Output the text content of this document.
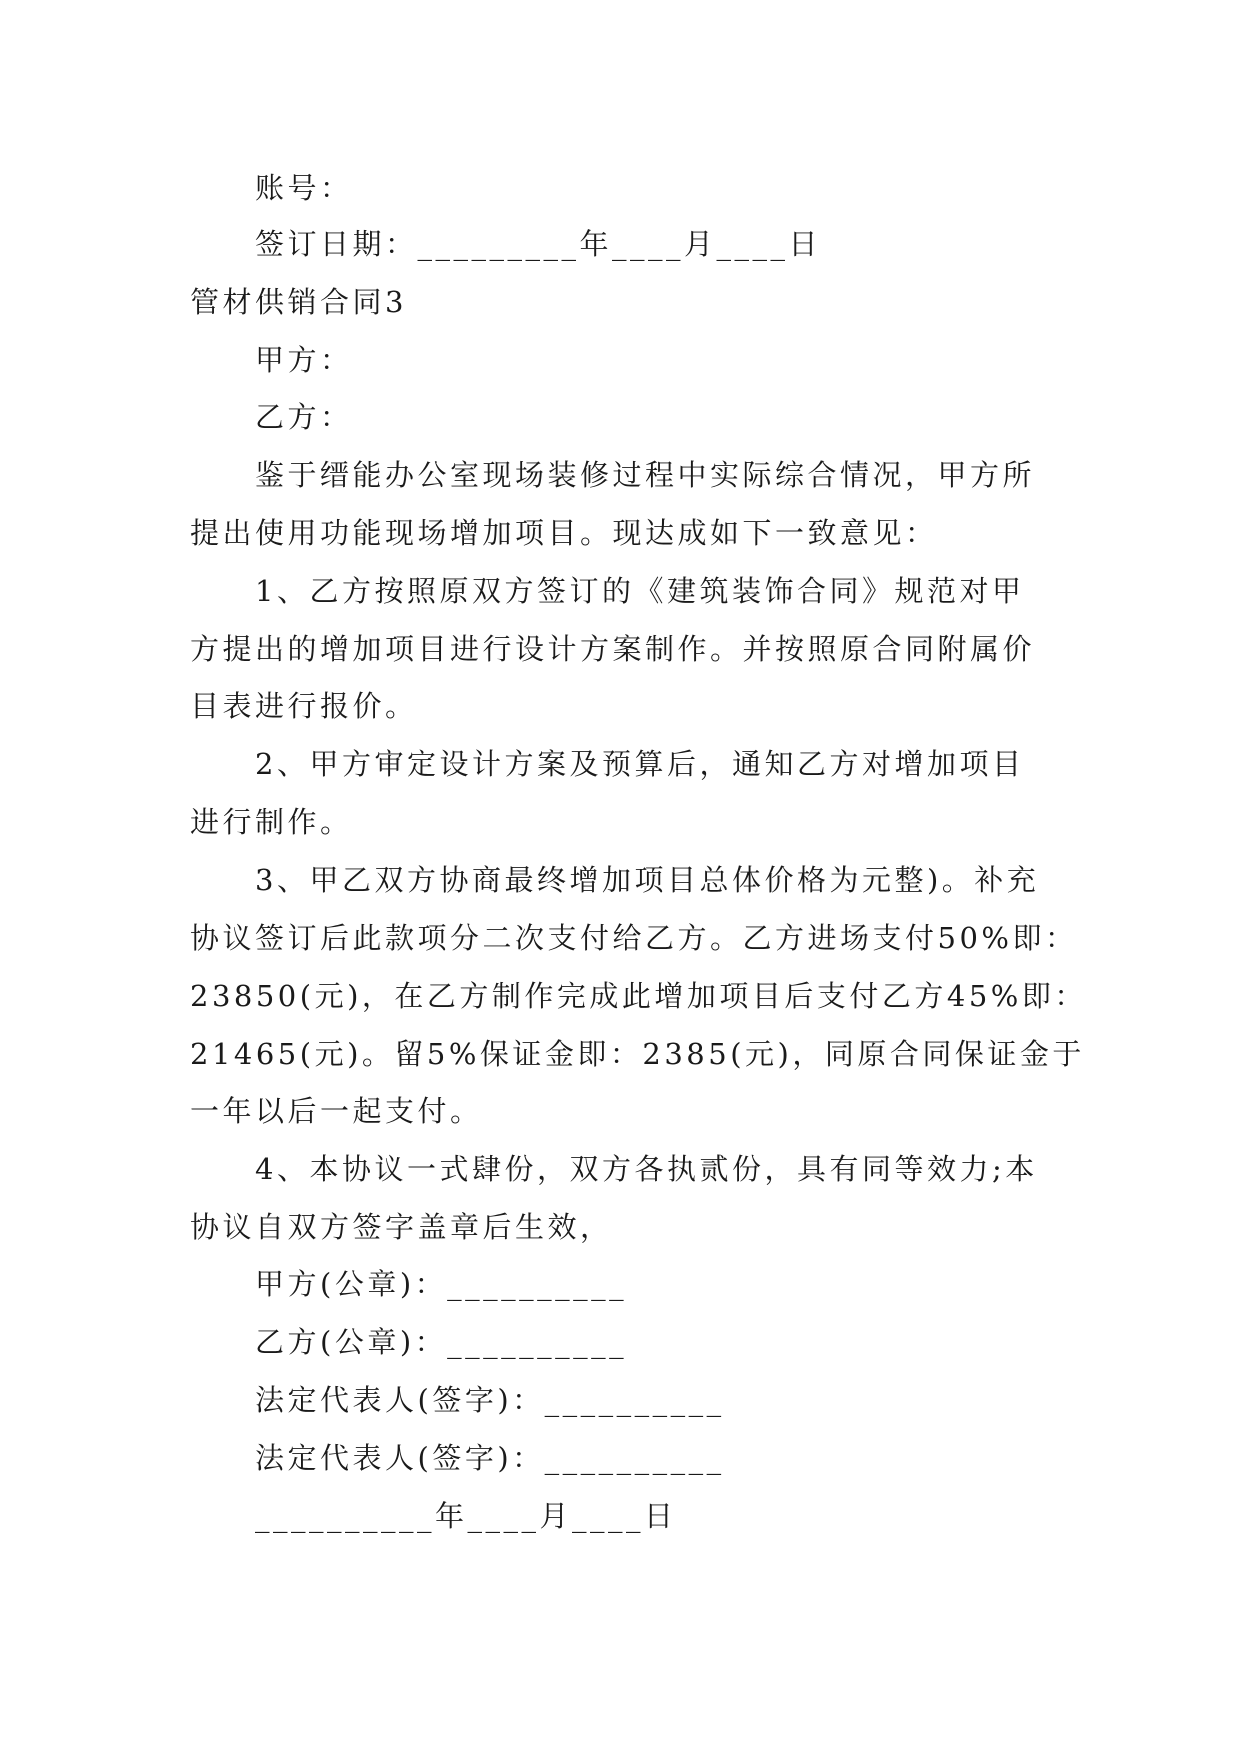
账号：
签订日期：_________年____月____日
管材供销合同3
甲方：
乙方：
鉴于缙能办公室现场装修过程中实际综合情况，甲方所
提出使用功能现场增加项目。现达成如下一致意见：
1、乙方按照原双方签订的《建筑装饰合同》规范对甲
方提出的增加项目进行设计方案制作。并按照原合同附属价
目表进行报价。
2、甲方审定设计方案及预算后，通知乙方对增加项目
进行制作。
3、甲乙双方协商最终增加项目总体价格为元整)。补充
协议签订后此款项分二次支付给乙方。乙方进场支付50%即：
23850(元)，在乙方制作完成此增加项目后支付乙方45%即：
21465(元)。留5%保证金即：2385(元)，同原合同保证金于
一年以后一起支付。
4、本协议一式肆份，双方各执贰份，具有同等效力;本
协议自双方签字盖章后生效，
甲方(公章)：__________
乙方(公章)：__________
法定代表人(签字)：__________
法定代表人(签字)：__________
__________年____月____日
